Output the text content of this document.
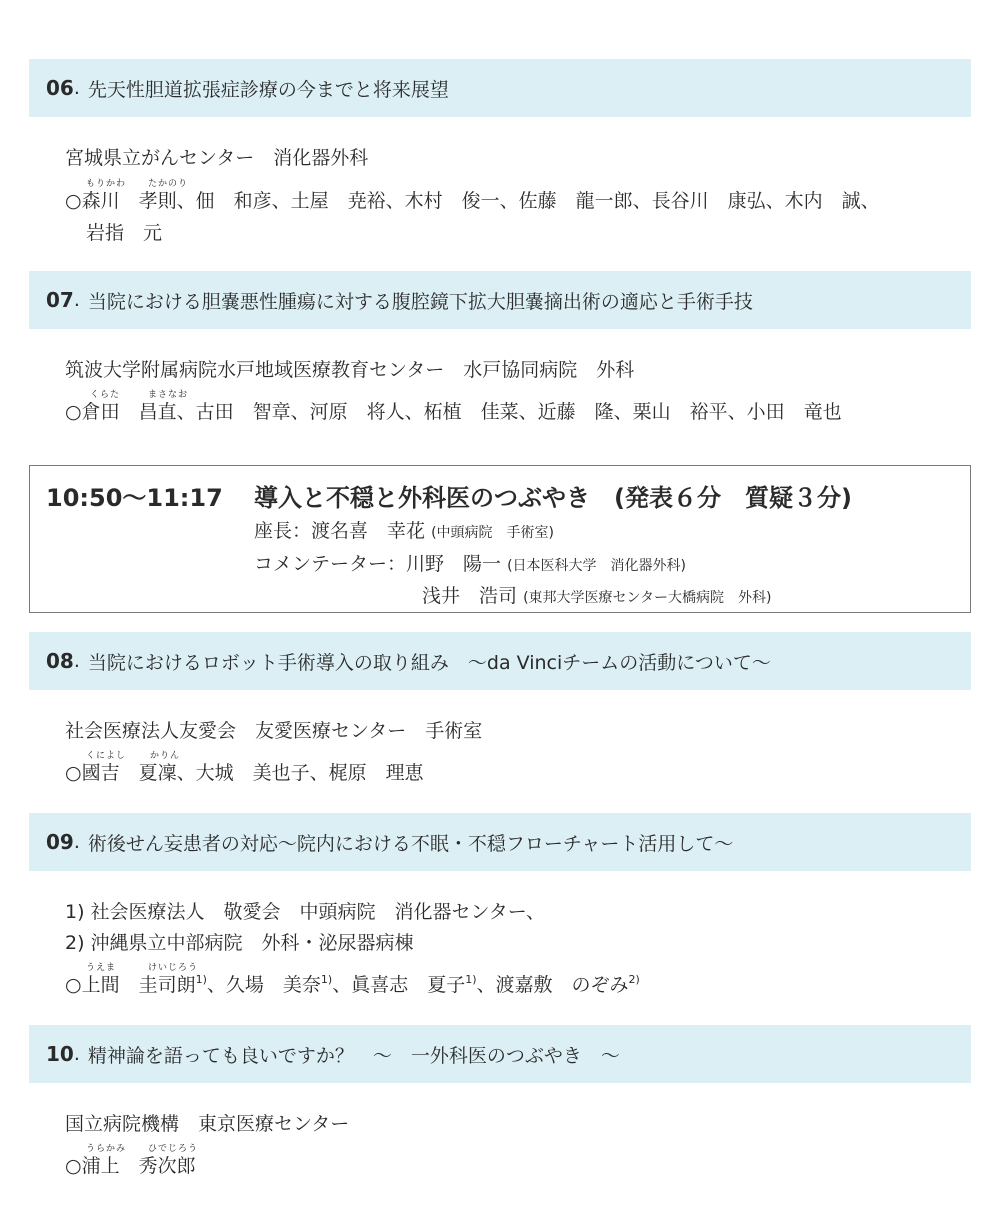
06 . 先天性胆道拡張症診療の今までと将来展望
宮城県立がんセンター　消化器外科
もりかわ たかのり
○森川　孝則、佃　和彦、土屋　尭裕、木村　俊一、佐藤　龍一郎、長谷川　康弘、木内　誠、
岩指　元
07 . 当院における胆嚢悪性腫瘍に対する腹腔鏡下拡大胆嚢摘出術の適応と手術手技
筑波大学附属病院水戸地域医療教育センター　水戸協同病院　外科
くらた	まさなお
○倉田　昌直、古田　智章、河原　将人、柘植　佳菜、近藤　隆、栗山　裕平、小田　竜也
10:50～11:17 導入と不穏と外科医のつぶやき　(発表６分　質疑３分)
座長：渡名喜　幸花 (中頭病院　手術室)
コメンテーター：川野　陽一 (日本医科大学　消化器外科)
浅井　浩司 (東邦大学医療センター大橋病院　外科)
08 . 当院におけるロボット手術導入の取り組み　～da Vinciチームの活動について～
社会医療法人友愛会　友愛医療センター　手術室
くによし	かりん
○國吉　夏凜、大城　美也子、梶原　理恵
09 . 術後せん妄患者の対応～院内における不眠・不穏フローチャート活用して～
1) 社会医療法人　敬愛会　中頭病院　消化器センター、
2) 沖縄県立中部病院　外科・泌尿器病棟
うえま	けいじろう
○上間　圭司朗$^{1)}$、久場　美奈$^{1)}$、眞喜志　夏子$^{1)}$、渡嘉敷　のぞみ$^{2)}$
10 . 精神論を語っても良いですか？　～　一外科医のつぶやき　～
国立病院機構　東京医療センター
うらかみ ひでじろう
○浦上　秀次郎
